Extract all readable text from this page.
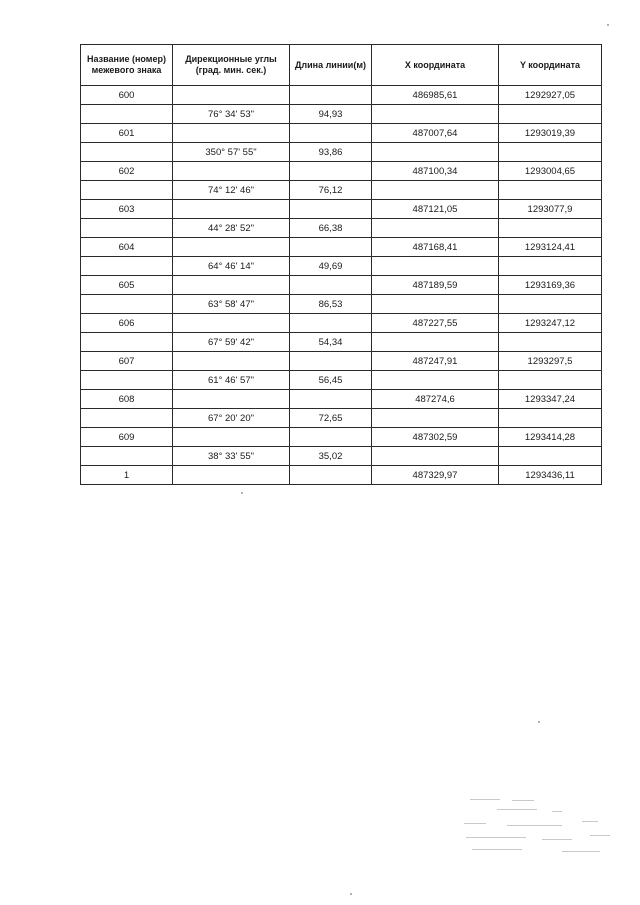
Название (номер)
межевого знака	Дирекционные углы
(град. мин. сек.)	Длина линии(м)	X координата	Y координата

600			486985,61	1292927,05
	76° 34' 53"	94,93		
601			487007,64	1293019,39
	350° 57' 55"	93,86		
602			487100,34	1293004,65
	74° 12' 46"	76,12		
603			487121,05	1293077,9
	44° 28' 52"	66,38		
604			487168,41	1293124,41
	64° 46' 14"	49,69		
605			487189,59	1293169,36
	63° 58' 47"	86,53		
606			487227,55	1293247,12
	67° 59' 42"	54,34		
607			487247,91	1293297,5
	61° 46' 57"	56,45		
608			487274,6	1293347,24
	67° 20' 20"	72,65		
609			487302,59	1293414,28
	38° 33' 55"	35,02		
1			487329,97	1293436,11
